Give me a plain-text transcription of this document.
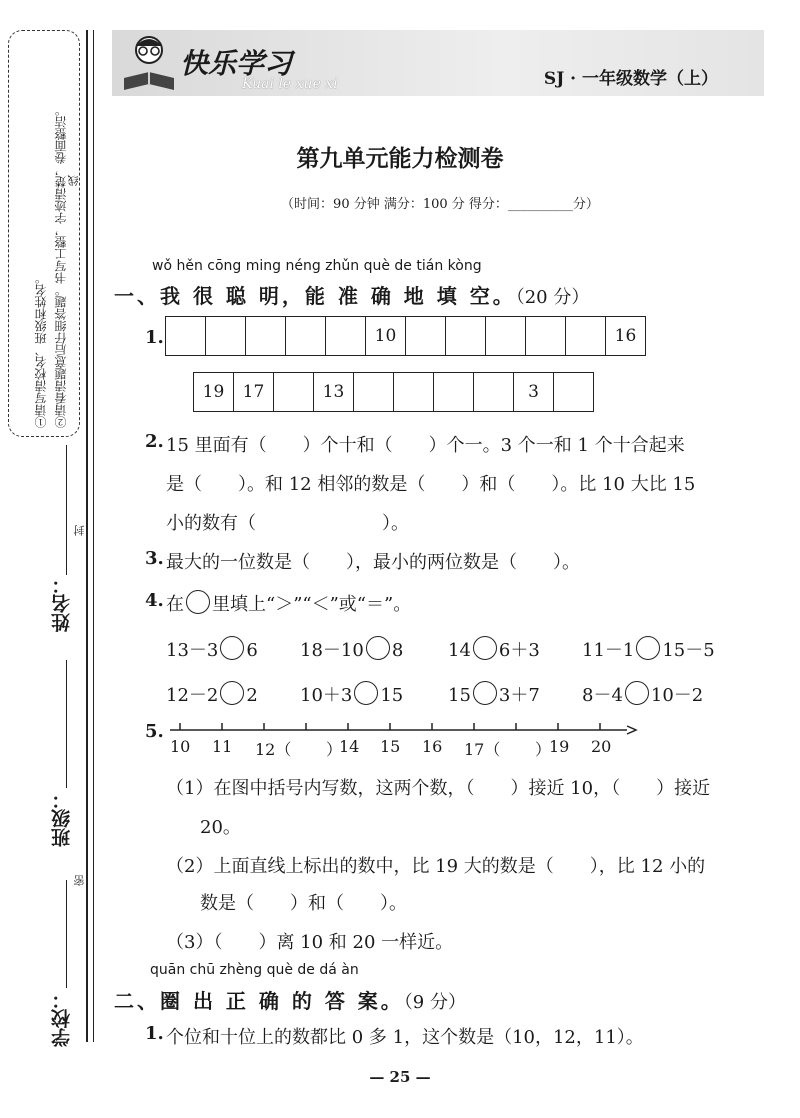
①请写清校名、班级和姓名。 ②请看清题意后仔细答题。书写工整，字迹清楚，卷面整洁。 线
姓名：
封
班级：
密
学校：
快乐学习
Kuai le xue xi	SJ · 一年级数学（上）
第九单元能力检测卷
（时间：90 分钟 满分：100 分 得分：__________分）
wǒ hěn cōng ming néng zhǔn què de tián kòng
一、我 很 聪 明，能 准 确 地 填 空。（20 分）
1.
						10						16
19	17		13					3	
2. 15 里面有（　　）个十和（　　）个一。3 个一和 1 个十合起来
是（　　）。和 12 相邻的数是（　　）和（　　）。比 10 大比 15
小的数有（　　　　　　　）。
3. 最大的一位数是（　　），最小的两位数是（　　）。
4. 在 里填上“＞”“＜”或“＝”。
13－3 6 18－10 8 14 6＋3 11－1 15－5
12－2 2 10＋3 15 15 3＋7 8－4 10－2
5.
10 11 12（ ）
14 15 16 17（ ）
19 20
（1）在图中括号内写数，这两个数，（　　）接近 10，（　　）接近
20。
（2）上面直线上标出的数中，比 19 大的数是（　　），比 12 小的
数是（　　）和（　　）。
（3）（　　）离 10 和 20 一样近。
quān chū zhèng què de dá àn
二、圈 出 正 确 的 答 案。（9 分）
1. 个位和十位上的数都比 0 多 1，这个数是（10，12，11）。
— 25 —
